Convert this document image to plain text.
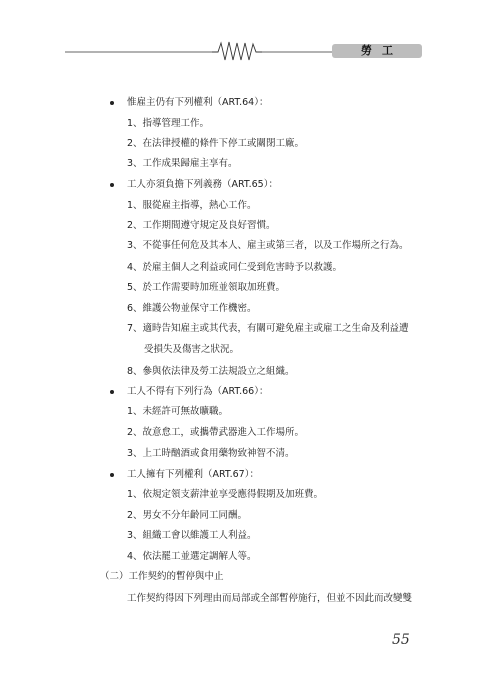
勞工
惟雇主仍有下列權利（ART.64）：
1、指導管理工作。
2、在法律授權的條件下停工或關閉工廠。
3、工作成果歸雇主享有。
工人亦須負擔下列義務（ART.65）：
1、服從雇主指導，熱心工作。
2、工作期間遵守規定及良好習慣。
3、不從事任何危及其本人、雇主或第三者，以及工作場所之行為。
4、於雇主個人之利益或同仁受到危害時予以救護。
5、於工作需要時加班並領取加班費。
6、維護公物並保守工作機密。
7、適時告知雇主或其代表，有關可避免雇主或雇工之生命及利益遭
受損失及傷害之狀況。
8、參與依法律及勞工法規設立之組織。
工人不得有下列行為（ART.66）：
1、未經許可無故曠職。
2、故意怠工，或攜帶武器進入工作場所。
3、上工時酗酒或食用藥物致神智不清。
工人擁有下列權利（ART.67）：
1、依規定領支薪津並享受應得假期及加班費。
2、男女不分年齡同工同酬。
3、組織工會以維護工人利益。
4、依法罷工並選定調解人等。
（二）工作契約的暫停與中止
工作契約得因下列理由而局部或全部暫停施行，但並不因此而改變雙
55
